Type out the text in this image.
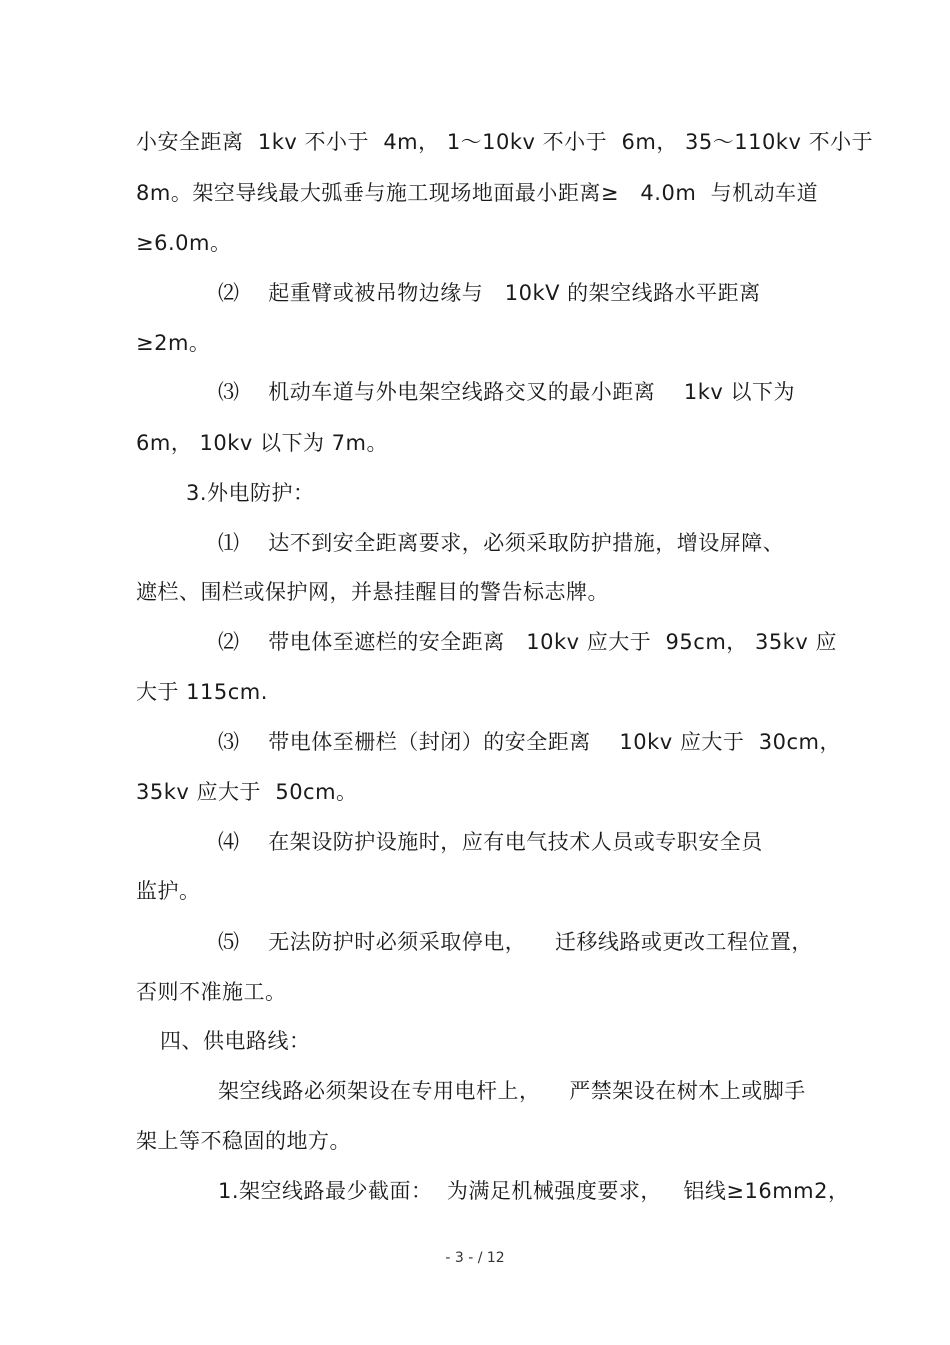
小安全距离  1kv 不小于  4m， 1～10kv 不小于  6m， 35～110kv 不小于
8m。架空导线最大弧垂与施工现场地面最小距离≥   4.0m  与机动车道
≥6.0m。
⑵    起重臂或被吊物边缘与   10kV 的架空线路水平距离
≥2m。
⑶    机动车道与外电架空线路交叉的最小距离    1kv 以下为
6m， 10kv 以下为 7m。
3.外电防护：
⑴    达不到安全距离要求，必须采取防护措施，增设屏障、
遮栏、围栏或保护网，并悬挂醒目的警告标志牌。
⑵    带电体至遮栏的安全距离   10kv 应大于  95cm， 35kv 应
大于 115cm.
⑶    带电体至栅栏（封闭）的安全距离    10kv 应大于  30cm，
35kv 应大于  50cm。
⑷    在架设防护设施时，应有电气技术人员或专职安全员
监护。
⑸    无法防护时必须采取停电，    迁移线路或更改工程位置，
否则不准施工。
四、供电路线：
架空线路必须架设在专用电杆上，    严禁架设在树木上或脚手
架上等不稳固的地方。
1.架空线路最少截面：  为满足机械强度要求，   铝线≥16mm2，
- 3 - / 12
